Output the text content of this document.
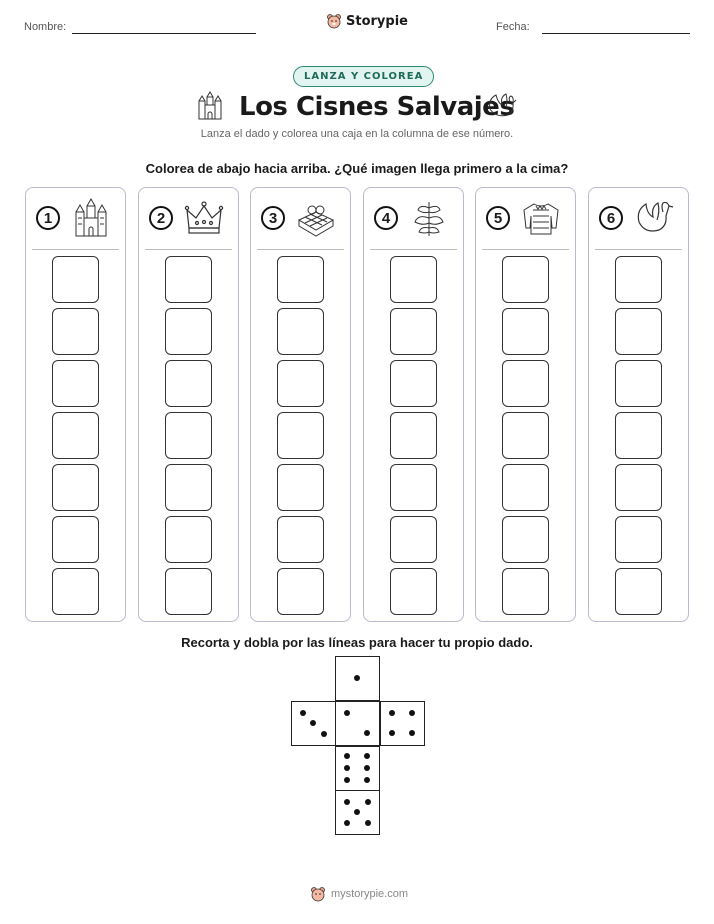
Nombre:	Storypie	Fecha:
LANZA Y COLOREA
Los Cisnes Salvajes
Lanza el dado y colorea una caja en la columna de ese número.
Colorea de abajo hacia arriba. ¿Qué imagen llega primero a la cima?
1	2	3	4	5	6
Recorta y dobla por las líneas para hacer tu propio dado.
mystorypie.com
